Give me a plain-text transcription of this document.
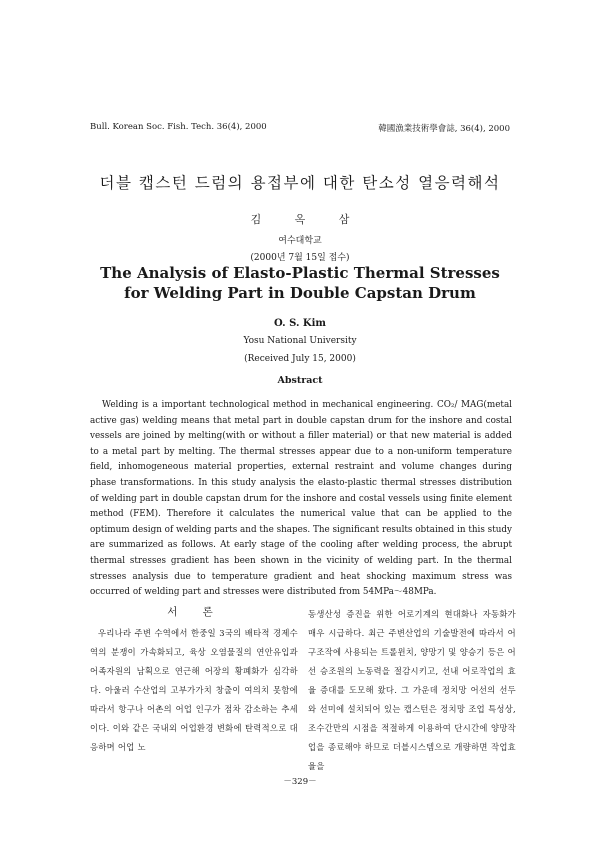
Bull. Korean Soc. Fish. Tech. 36(4), 2000	韓國漁業技術學會誌, 36(4), 2000
더블 캡스턴 드럼의 용접부에 대한 탄소성 열응력해석
김 옥 삼
여수대학교
(2000년 7월 15일 접수)
The Analysis of Elasto-Plastic Thermal Stresses
for Welding Part in Double Capstan Drum
O. S. Kim
Yosu National University
(Received July 15, 2000)
Abstract

Welding is a important technological method in mechanical engineering. CO₂/ MAG(metal active gas) welding means that metal part in double capstan drum for the inshore and costal vessels are joined by melting(with or without a filler material) or that new material is added to a metal part by melting. The thermal stresses appear due to a non-uniform temperature field, inhomogeneous material properties, external restraint and volume changes during phase transformations. In this study analysis the elasto-plastic thermal stresses distribution of welding part in double capstan drum for the inshore and costal vessels using finite element method (FEM). Therefore it calculates the numerical value that can be applied to the optimum design of welding parts and the shapes. The significant results obtained in this study are summarized as follows. At early stage of the cooling after welding process, the abrupt thermal stresses gradient has been shown in the vicinity of welding part. In the thermal stresses analysis due to temperature gradient and heat shocking maximum stress was occurred of welding part and stresses were distributed from 54MPa～48MPa.

서 론

우리나라 주변 수역에서 한중일 3국의 배타적 경제수역의 분쟁이 가속화되고, 육상 오염물질의 연안유입과 어족자원의 남획으로 연근해 어장의 황폐화가 심각하다. 아울러 수산업의 고부가가치 창출이 여의치 못함에 따라서 항구나 어촌의 어업 인구가 점차 감소하는 추세이다. 이와 같은 국내외 어업환경 변화에 탄력적으로 대응하며 어업 노

동생산성 증진을 위한 어로기계의 현대화나 자동화가 매우 시급하다. 최근 주변산업의 기술발전에 따라서 어구조작에 사용되는 트롤윈치, 양망기 및 양승기 등은 어선 승조원의 노동력을 절감시키고, 선내 어로작업의 효율 증대를 도모해 왔다. 그 가운데 정치망 어선의 선두와 선미에 설치되어 있는 캡스턴은 정치망 조업 특성상, 조수간만의 시점을 적절하게 이용하여 단시간에 양망작업을 종료해야 하므로 더블시스템으로 개량하면 작업효율을

－329－
